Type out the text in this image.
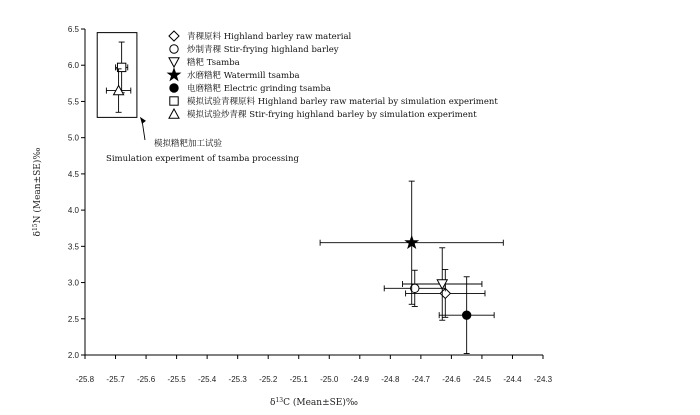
-25.8 -25.7 -25.6 -25.5 -25.4 -25.3 -25.2 -25.1 -25.0 -24.9 -24.8 -24.7 -24.6 -24.5 -24.4 -24.3
2.0
2.5
3.0
3.5
4.0
4.5
5.0
5.5
6.0
6.5
$\delta^{13}C$ (Mean±SE)‰
$\delta^{15}N$ (Mean±SE)‰
青稞原料 Highland barley raw material
炒制青稞 Stir-frying highland barley
糌粑 Tsamba
水磨糌粑 Watermill tsamba
电磨糌粑 Electric grinding tsamba
模拟试验青稞原料 Highland barley raw material by simulation experiment
模拟试验炒青稞 Stir-frying highland barley by simulation experiment
模拟糌粑加工试验
Simulation experiment of tsamba processing
